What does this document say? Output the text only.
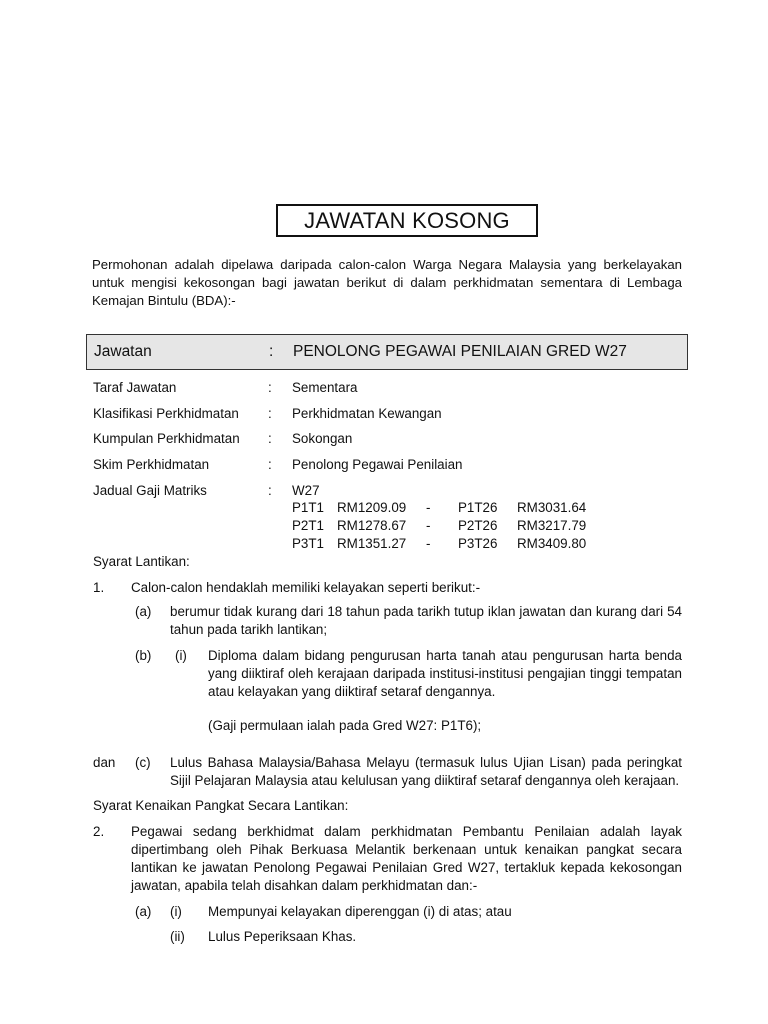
JAWATAN KOSONG
Permohonan adalah dipelawa daripada calon-calon Warga Negara Malaysia yang berkelayakan untuk mengisi kekosongan bagi jawatan berikut di dalam perkhidmatan sementara di Lembaga Kemajan Bintulu (BDA):-
Jawatan	: PENOLONG PEGAWAI PENILAIAN GRED W27
Taraf Jawatan	: Sementara
Klasifikasi Perkhidmatan : Perkhidmatan Kewangan
Kumpulan Perkhidmatan : Sokongan
Skim Perkhidmatan	: Penolong Pegawai Penilaian
Jadual Gaji Matriks	: W27
P1T1 RM1209.09 - P1T26 RM3031.64
P2T1 RM1278.67 - P2T26 RM3217.79
P3T1 RM1351.27 - P3T26 RM3409.80
Syarat Lantikan:
1. Calon-calon hendaklah memiliki kelayakan seperti berikut:-
(a) berumur tidak kurang dari 18 tahun pada tarikh tutup iklan jawatan dan kurang dari 54 tahun pada tarikh lantikan;
(b) (i) Diploma dalam bidang pengurusan harta tanah atau pengurusan harta benda yang diiktiraf oleh kerajaan daripada institusi-institusi pengajian tinggi tempatan atau kelayakan yang diiktiraf setaraf dengannya.
(Gaji permulaan ialah pada Gred W27: P1T6);
dan (c) Lulus Bahasa Malaysia/Bahasa Melayu (termasuk lulus Ujian Lisan) pada peringkat Sijil Pelajaran Malaysia atau kelulusan yang diiktiraf setaraf dengannya oleh kerajaan.
Syarat Kenaikan Pangkat Secara Lantikan:
2. Pegawai sedang berkhidmat dalam perkhidmatan Pembantu Penilaian adalah layak dipertimbang oleh Pihak Berkuasa Melantik berkenaan untuk kenaikan pangkat secara lantikan ke jawatan Penolong Pegawai Penilaian Gred W27, tertakluk kepada kekosongan jawatan, apabila telah disahkan dalam perkhidmatan dan:-
(a) (i) Mempunyai kelayakan diperenggan (i) di atas; atau
(ii) Lulus Peperiksaan Khas.
